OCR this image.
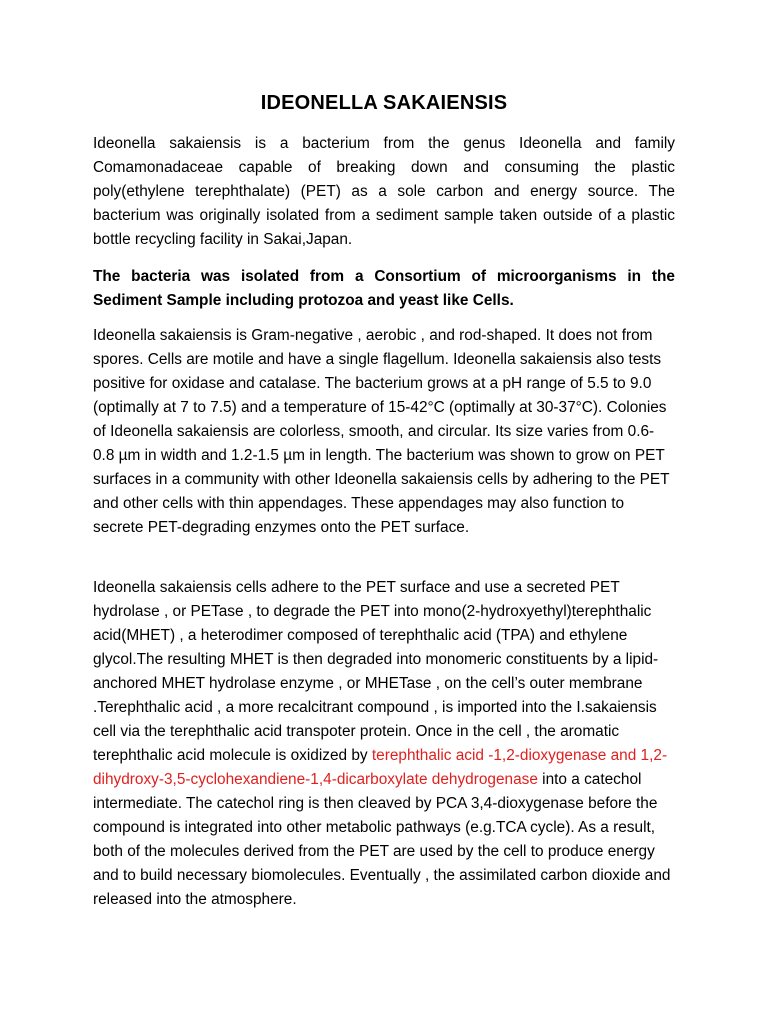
IDEONELLA SAKAIENSIS

Ideonella sakaiensis is a bacterium from the genus Ideonella and family Comamonadaceae capable of breaking down and consuming the plastic poly(ethylene terephthalate) (PET) as a sole carbon and energy source. The bacterium was originally isolated from a sediment sample taken outside of a plastic bottle recycling facility in Sakai,Japan.

The bacteria was isolated from a Consortium of microorganisms in the Sediment Sample including protozoa and yeast like Cells.

Ideonella sakaiensis is Gram-negative , aerobic , and rod-shaped. It does not from spores. Cells are motile and have a single flagellum. Ideonella sakaiensis also tests positive for oxidase and catalase. The bacterium grows at a pH range of 5.5 to 9.0 (optimally at 7 to 7.5) and a temperature of 15-42°C (optimally at 30-37°C). Colonies of Ideonella sakaiensis are colorless, smooth, and circular. Its size varies from 0.6-0.8 µm in width and 1.2-1.5 µm in length. The bacterium was shown to grow on PET surfaces in a community with other Ideonella sakaiensis cells by adhering to the PET and other cells with thin appendages. These appendages may also function to secrete PET-degrading enzymes onto the PET surface.

Ideonella sakaiensis cells adhere to the PET surface and use a secreted PET hydrolase , or PETase , to degrade the PET into mono(2-hydroxyethyl)terephthalic acid(MHET) , a heterodimer composed of terephthalic acid (TPA) and ethylene glycol.The resulting MHET is then degraded into monomeric constituents by a lipid-anchored MHET hydrolase enzyme , or MHETase , on the cell’s outer membrane .Terephthalic acid , a more recalcitrant compound , is imported into the I.sakaiensis cell via the terephthalic acid transpoter protein. Once in the cell , the aromatic terephthalic acid molecule is oxidized by terephthalic acid -1,2-dioxygenase and 1,2-dihydroxy-3,5-cyclohexandiene-1,4-dicarboxylate dehydrogenase into a catechol intermediate. The catechol ring is then cleaved by PCA 3,4-dioxygenase before the compound is integrated into other metabolic pathways (e.g.TCA cycle). As a result, both of the molecules derived from the PET are used by the cell to produce energy and to build necessary biomolecules. Eventually , the assimilated carbon dioxide and released into the atmosphere.
